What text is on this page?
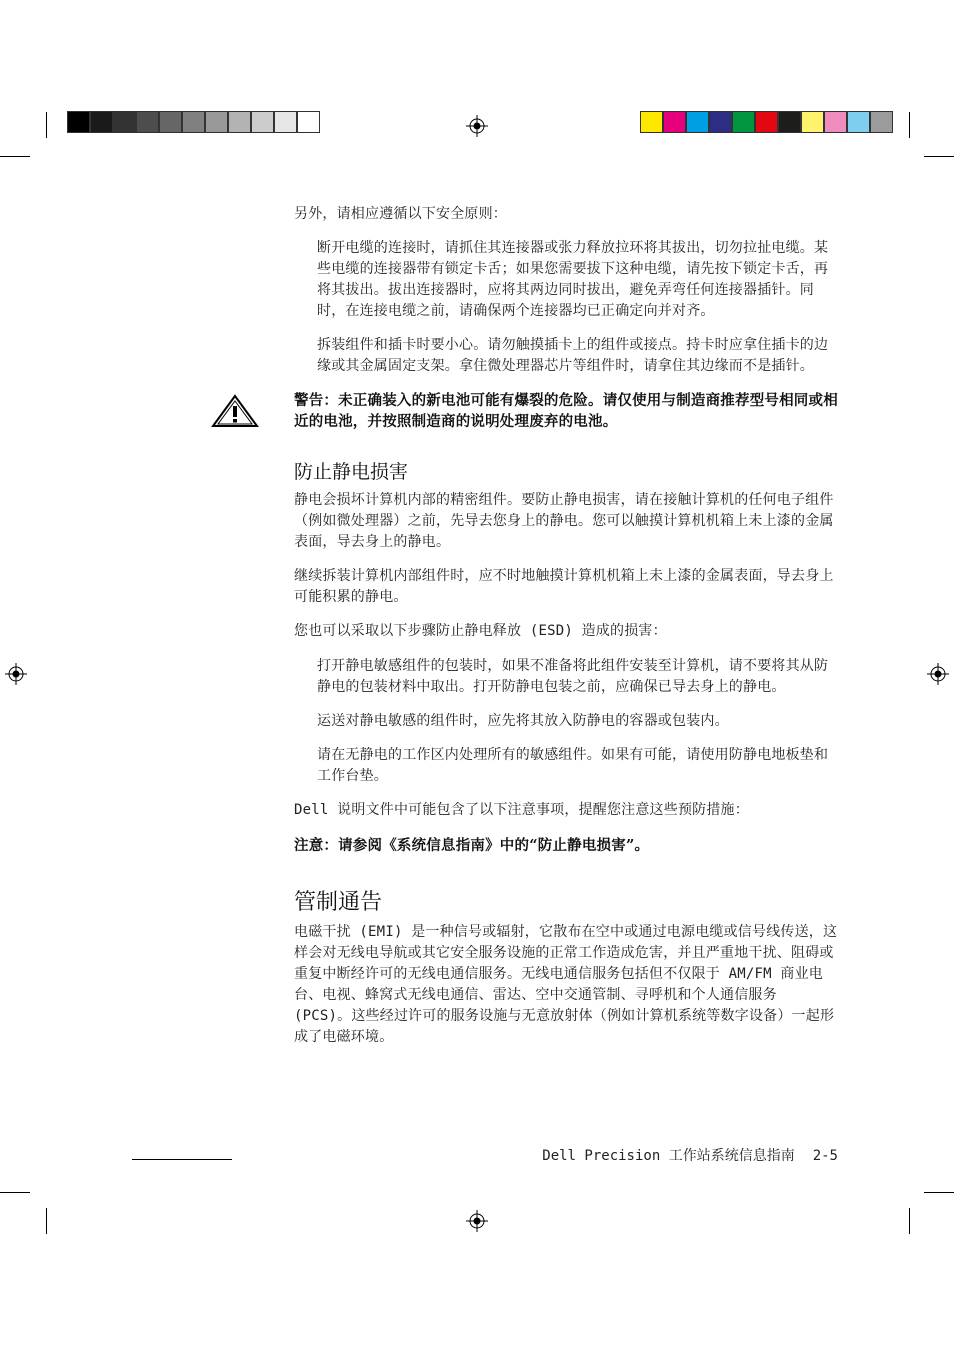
另外，请相应遵循以下安全原则：
断开电缆的连接时，请抓住其连接器或张力释放拉环将其拔出，切勿拉扯电缆。某些电缆的连接器带有锁定卡舌；如果您需要拔下这种电缆，请先按下锁定卡舌，再将其拔出。拔出连接器时，应将其两边同时拔出，避免弄弯任何连接器插针。同时，在连接电缆之前，请确保两个连接器均已正确定向并对齐。
拆装组件和插卡时要小心。请勿触摸插卡上的组件或接点。持卡时应拿住插卡的边缘或其金属固定支架。拿住微处理器芯片等组件时，请拿住其边缘而不是插针。
警告：未正确装入的新电池可能有爆裂的危险。请仅使用与制造商推荐型号相同或相近的电池，并按照制造商的说明处理废弃的电池。
防止静电损害
静电会损坏计算机内部的精密组件。要防止静电损害，请在接触计算机的任何电子组件（例如微处理器）之前，先导去您身上的静电。您可以触摸计算机机箱上未上漆的金属表面，导去身上的静电。
继续拆装计算机内部组件时，应不时地触摸计算机机箱上未上漆的金属表面，导去身上可能积累的静电。
您也可以采取以下步骤防止静电释放 (ESD) 造成的损害：
打开静电敏感组件的包装时，如果不准备将此组件安装至计算机，请不要将其从防静电的包装材料中取出。打开防静电包装之前，应确保已导去身上的静电。
运送对静电敏感的组件时，应先将其放入防静电的容器或包装内。
请在无静电的工作区内处理所有的敏感组件。如果有可能，请使用防静电地板垫和工作台垫。
Dell 说明文件中可能包含了以下注意事项，提醒您注意这些预防措施：
注意：请参阅《系统信息指南》中的“防止静电损害”。
管制通告
电磁干扰 (EMI) 是一种信号或辐射，它散布在空中或通过电源电缆或信号线传送，这样会对无线电导航或其它安全服务设施的正常工作造成危害，并且严重地干扰、阻碍或重复中断经许可的无线电通信服务。无线电通信服务包括但不仅限于 AM/FM 商业电台、电视、蜂窝式无线电通信、雷达、空中交通管制、寻呼机和个人通信服务 (PCS)。这些经过许可的服务设施与无意放射体（例如计算机系统等数字设备）一起形成了电磁环境。
Dell Precision 工作站系统信息指南 2-5
